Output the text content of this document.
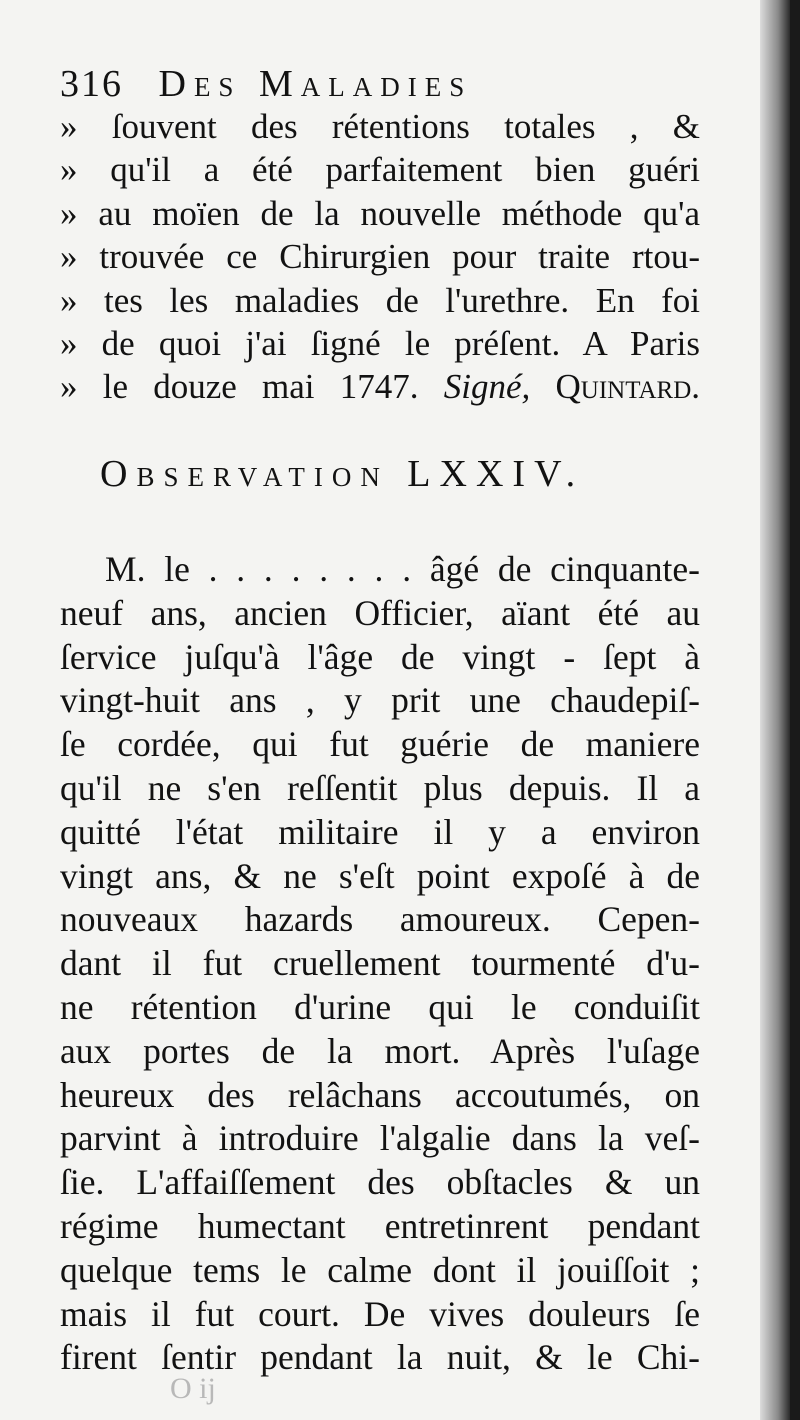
316 Des Maladies
» ſouvent des rétentions totales , &
» qu'il a été parfaitement bien guéri
» au moïen de la nouvelle méthode qu'a
» trouvée ce Chirurgien pour traite rtou-
» tes les maladies de l'urethre. En foi
» de quoi j'ai ſigné le préſent. A Paris
» le douze mai 1747. Signé, Quintard.
Observation LXXIV.
M. le . . . . . . . . âgé de cinquante-
neuf ans, ancien Officier, aïant été au
ſervice juſqu'à l'âge de vingt - ſept à
vingt-huit ans , y prit une chaudepiſ-
ſe cordée, qui fut guérie de maniere
qu'il ne s'en reſſentit plus depuis. Il a
quitté l'état militaire il y a environ
vingt ans, & ne s'eſt point expoſé à de
nouveaux hazards amoureux. Cepen-
dant il fut cruellement tourmenté d'u-
ne rétention d'urine qui le conduiſit
aux portes de la mort. Après l'uſage
heureux des relâchans accoutumés, on
parvint à introduire l'algalie dans la veſ-
ſie. L'affaiſſement des obſtacles & un
régime humectant entretinrent pendant
quelque tems le calme dont il jouiſſoit ;
mais il fut court. De vives douleurs ſe
firent ſentir pendant la nuit, & le Chi-
O ij
